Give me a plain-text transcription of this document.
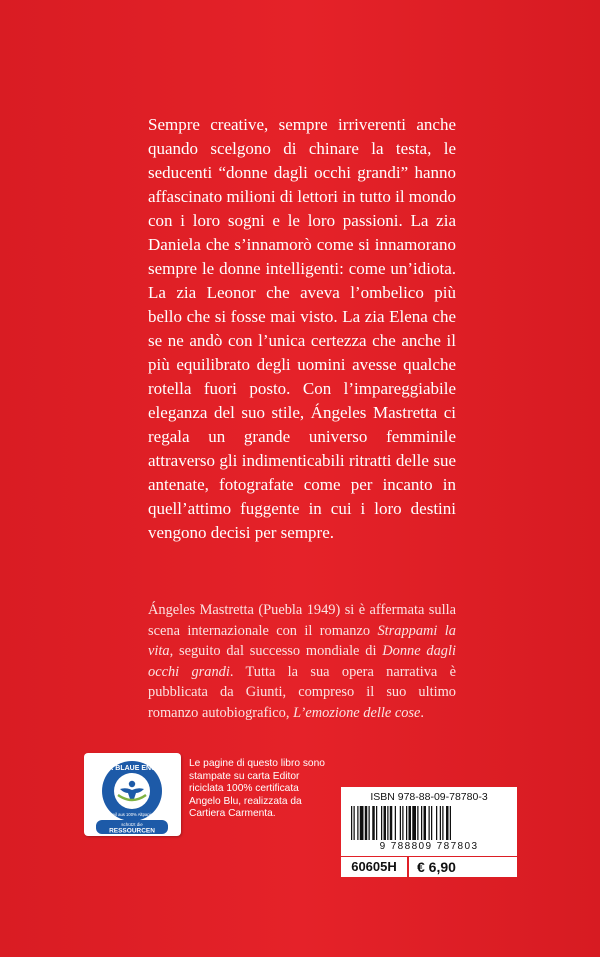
Sempre creative, sempre irriverenti anche quando scelgono di chinare la testa, le seducenti “donne dagli occhi grandi” hanno affascinato milioni di lettori in tutto il mondo con i loro sogni e le loro passioni. La zia Daniela che s’innamorò come si innamorano sempre le donne intelligenti: come un’idiota. La zia Leonor che aveva l’ombelico più bello che si fosse mai visto. La zia Elena che se ne andò con l’unica certezza che anche il più equilibrato degli uomini avesse qualche rotella fuori posto. Con l’impareggiabile eleganza del suo stile, Ángeles Mastretta ci regala un grande universo femminile attraverso gli indimenticabili ritratti delle sue antenate, fotografate come per incanto in quell’attimo fuggente in cui i loro destini vengono decisi per sempre.

Ángeles Mastretta (Puebla 1949) si è affermata sulla scena internazionale con il romanzo Strappami la vita, seguito dal successo mondiale di Donne dagli occhi grandi. Tutta la sua opera narrativa è pubblicata da Giunti, compreso il suo ultimo romanzo autobiografico, L’emozione delle cose.

DER BLAUE ENGEL
weil aus 100% Altpapier
schützt die
RESSOURCEN

Le pagine di questo libro sono stampate su carta Editor riciclata 100% certificata Angelo Blu, realizzata da Cartiera Carmenta.

ISBN 978-88-09-78780-3
9 788809 787803
60605H	€ 6,90
